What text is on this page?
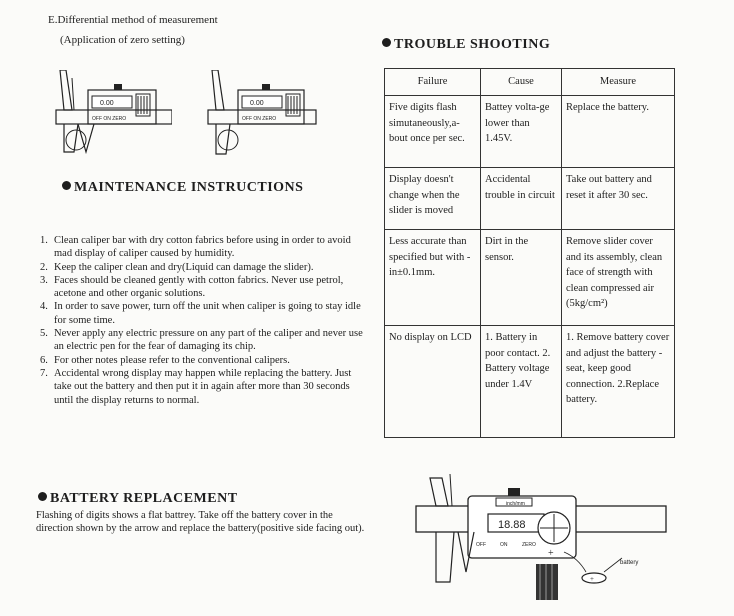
E.Differential method of measurement
(Application of zero setting)
0.00
OFF ON ZERO
0.00
OFF ON ZERO
MAINTENANCE INSTRUCTIONS
1. Clean caliper bar with dry cotton fabrics before using in order to avoid mad display of caliper caused by humidity.
2. Keep the caliper clean and dry(Liquid can damage the slider).
3. Faces should be cleaned gently with cotton fabrics. Never use petrol, acetone and other organic solutions.
4. In order to save power, turn off the unit when caliper is going to stay idle for some time.
5. Never apply any electric pressure on any part of the caliper and never use an electric pen for the fear of damaging its chip.
6. For other notes please refer to the conventional calipers.
7. Accidental wrong display may happen while replacing the battery. Just take out the battery and then put it in again after more than 30 seconds until the display returns to normal.
TROUBLE SHOOTING
Failure	Cause	Measure
Five digits flash simutaneously,a-bout once per sec.	Battey volta-ge lower than 1.45V.	Replace the battery.
Display doesn't change when the slider is moved	Accidental trouble in circuit	Take out battery and reset it after 30 sec.
Less accurate than specified but with -in±0.1mm.	Dirt in the sensor.	Remove slider cover and its assembly, clean face of strength with clean compressed air (5kg/cm²)
No display on LCD	1. Battery in poor contact. 2. Battery voltage under 1.4V	1. Remove battery cover and adjust the battery -seat, keep good connection. 2.Replace battery.
BATTERY REPLACEMENT
Flashing of digits shows a flat battrey. Take off the battery cover in the direction shown by the arrow and replace the battery(positive side facing out).
inch/mm
18.88
OFF	ON	ZERO
+
+
battery
